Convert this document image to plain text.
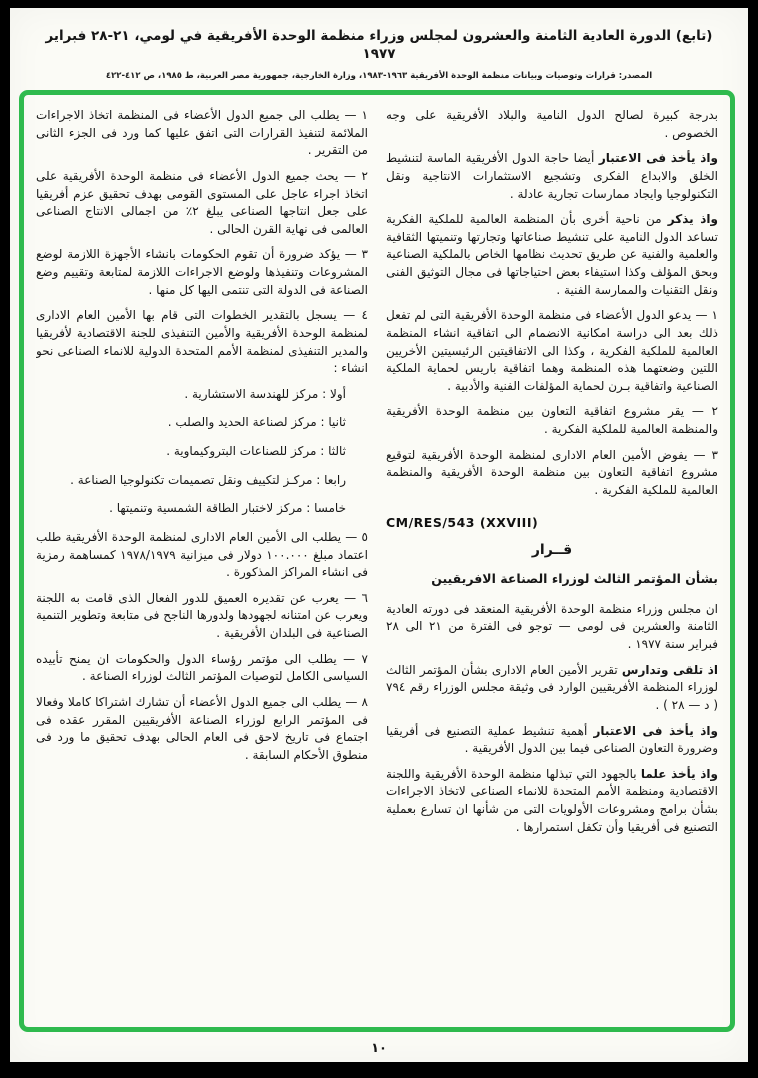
(تابع) الدورة العادية الثامنة والعشرون لمجلس وزراء منظمة الوحدة الأفريقية في لومي، ٢١-٢٨ فبراير ١٩٧٧
المصدر: قرارات وتوصيات وبيانات منظمة الوحدة الأفريقية ١٩٦٣-١٩٨٣، وزارة الخارجية، جمهورية مصر العربية، ط ١٩٨٥، ص ٤١٢-٤٢٢

بدرجة كبيرة لصالح الدول النامية والبلاد الأفريقية على وجه الخصوص .

واذ يأخذ فى الاعتبار أيضا حاجة الدول الأفريقية الماسة لتنشيط الخلق والابداع الفكرى وتشجيع الاستثمارات الانتاجية ونقل التكنولوجيا وايجاد ممارسات تجارية عادلة .

واذ يذكر من ناحية أخرى بأن المنظمة العالمية للملكية الفكرية تساعد الدول النامية على تنشيط صناعاتها وتجارتها وتنميتها الثقافية والعلمية والفنية عن طريق تحديث نظامها الخاص بالملكية الصناعية وبحق المؤلف وكذا استيفاء بعض احتياجاتها فى مجال التوثيق الفنى ونقل التقنيات والممارسة الفنية .

١ — يدعو الدول الأعضاء فى منظمة الوحدة الأفريقية التى لم تفعل ذلك بعد الى دراسة امكانية الانضمام الى اتفاقية انشاء المنظمة العالمية للملكية الفكرية ، وكذا الى الاتفاقيتين الرئيسيتين الأخريين اللتين وضعتهما هذه المنظمة وهما اتفاقية باريس لحماية الملكية الصناعية واتفاقية بـرن لحماية المؤلفات الفنية والأدبية .

٢ — يقر مشروع اتفاقية التعاون بين منظمة الوحدة الأفريقية والمنظمة العالمية للملكية الفكرية .

٣ — يفوض الأمين العام الادارى لمنظمة الوحدة الأفريقية لتوقيع مشروع اتفاقية التعاون بين منظمة الوحدة الأفريقية والمنظمة العالمية للملكية الفكرية .

CM/RES/543 (XXVIII)

قــرار

بشأن المؤتمر الثالث لوزراء الصناعة الافريقيين

ان مجلس وزراء منظمة الوحدة الأفريقية المنعقد فى دورته العادية الثامنة والعشرين فى لومى — توجو فى الفترة من ٢١ الى ٢٨ فبراير سنة ١٩٧٧ .

اذ تلقى وتدارس تقرير الأمين العام الادارى بشأن المؤتمر الثالث لوزراء المنظمة الأفريقيين الوارد فى وثيقة مجلس الوزراء رقم ٧٩٤ ( د — ٢٨ ) .

واذ يأخذ فى الاعتبار أهمية تنشيط عملية التصنيع فى أفريقيا وضرورة التعاون الصناعى فيما بين الدول الأفريقية .

واذ يأخذ علما بالجهود التي تبذلها منظمة الوحدة الأفريقية واللجنة الاقتصادية ومنظمة الأمم المتحدة للانماء الصناعى لاتخاذ الاجراءات بشأن برامج ومشروعات الأولويات التى من شأنها ان تسارع بعملية التصنيع فى أفريقيا وأن تكفل استمرارها .

١ — يطلب الى جميع الدول الأعضاء فى المنظمة اتخاذ الاجراءات الملائمة لتنفيذ القرارات التى اتفق عليها كما ورد فى الجزء الثانى من التقرير .

٢ — يحث جميع الدول الأعضاء فى منظمة الوحدة الأفريقية على اتخاذ اجراء عاجل على المستوى القومى بهدف تحقيق عزم أفريقيا على جعل انتاجها الصناعى يبلغ ٢٪ من اجمالى الانتاج الصناعى العالمى فى نهاية القرن الحالى .

٣ — يؤكد ضرورة أن تقوم الحكومات بانشاء الأجهزة اللازمة لوضع المشروعات وتنفيذها ولوضع الاجراءات اللازمة لمتابعة وتقييم وضع الصناعة فى الدولة التى تنتمى اليها كل منها .

٤ — يسجل بالتقدير الخطوات التى قام بها الأمين العام الادارى لمنظمة الوحدة الأفريقية والأمين التنفيذى للجنة الاقتصادية لأفريقيا والمدير التنفيذى لمنظمة الأمم المتحدة الدولية للانماء الصناعى نحو انشاء :

أولا : مركز للهندسة الاستشارية .

ثانيا : مركز لصناعة الحديد والصلب .

ثالثا : مركز للصناعات البتروكيماوية .

رابعا : مركـز لتكييف ونقل تصميمات تكنولوجيا الصناعة .

خامسا : مركز لاختبار الطاقة الشمسية وتنميتها .

٥ — يطلب الى الأمين العام الادارى لمنظمة الوحدة الأفريقية طلب اعتماد مبلغ ١٠٠.٠٠٠ دولار فى ميزانية ١٩٧٨/١٩٧٩ كمساهمة رمزية فى انشاء المراكز المذكورة .

٦ — يعرب عن تقديره العميق للدور الفعال الذى قامت به اللجنة ويعرب عن امتنانه لجهودها ولدورها الناجح فى متابعة وتطوير التنمية الصناعية فى البلدان الأفريقية .

٧ — يطلب الى مؤتمر رؤساء الدول والحكومات ان يمنح تأييده السياسى الكامل لتوصيات المؤتمر الثالث لوزراء الصناعة .

٨ — يطلب الى جميع الدول الأعضاء أن تشارك اشتراكا كاملا وفعالا فى المؤتمر الرابع لوزراء الصناعة الأفريقيين المقرر عقده فى اجتماع فى تاريخ لاحق فى العام الحالى بهدف تحقيق ما ورد فى منطوق الأحكام السابقة .

١٠
